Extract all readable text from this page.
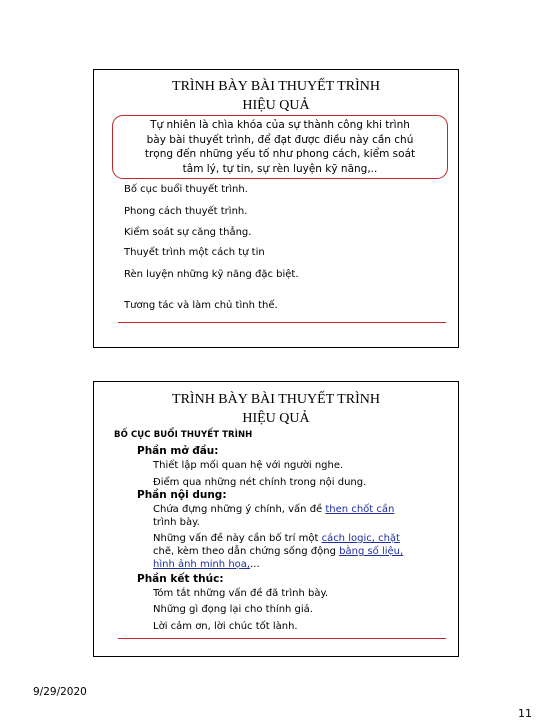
TRÌNH BÀY BÀI THUYẾT TRÌNH
HIỆU QUẢ
Tự nhiên là chìa khóa của sự thành công khi trình
bày bài thuyết trình, để đạt được điều này cần chú
trọng đến những yếu tố như phong cách, kiểm soát
tâm lý, tự tin, sự rèn luyện kỹ năng,..
Bố cục buổi thuyết trình.
Phong cách thuyết trình.
Kiểm soát sự căng thẳng.
Thuyết trình một cách tự tin
Rèn luyện những kỹ năng đặc biệt.
Tương tác và làm chủ tình thế.
TRÌNH BÀY BÀI THUYẾT TRÌNH
HIỆU QUẢ
BỐ CỤC BUỔI THUYẾT TRÌNH
Phần mở đầu:
Thiết lập mối quan hệ với người nghe.
Điểm qua những nét chính trong nội dung.
Phần nội dung:
Chứa đựng những ý chính, vấn đề then chốt cần
trình bày.
Những vấn đề này cần bố trí một cách logic, chặt
chẽ, kèm theo dẫn chứng sống động bằng số liệu,
hình ảnh minh họa,...
Phần kết thúc:
Tóm tắt những vấn đề đã trình bày.
Những gì đọng lại cho thính giả.
Lời cảm ơn, lời chúc tốt lành.
9/29/2020
11
